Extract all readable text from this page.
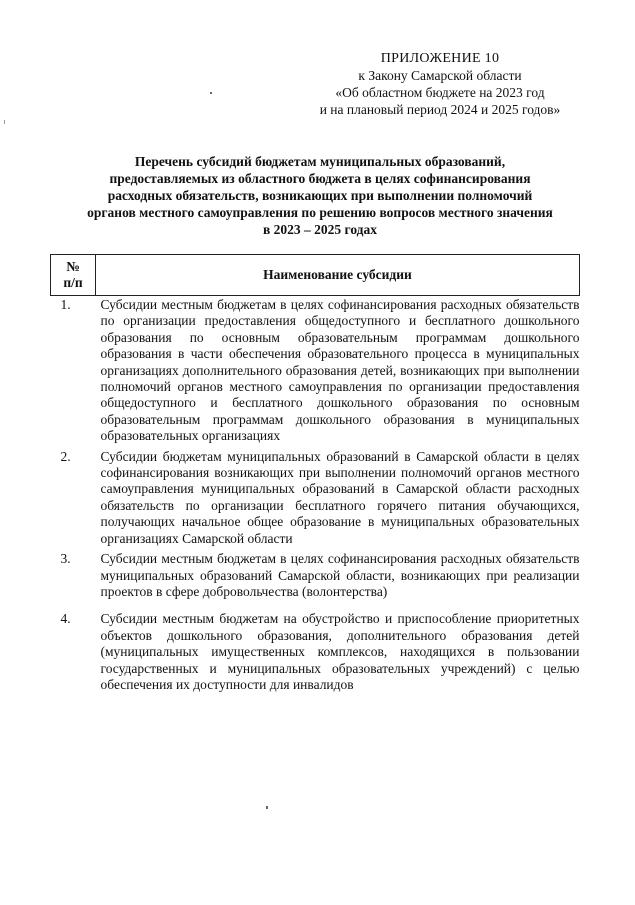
ПРИЛОЖЕНИЕ 10
к Закону Самарской области
«Об областном бюджете на 2023 год
и на плановый период 2024 и 2025 годов»
Перечень субсидий бюджетам муниципальных образований,
предоставляемых из областного бюджета в целях софинансирования
расходных обязательств, возникающих при выполнении полномочий
органов местного самоуправления по решению вопросов местного значения
в 2023 – 2025 годах
№
п/п	Наименование субсидии
1.	Субсидии местным бюджетам в целях софинансирования расходных обязательств по организации предоставления общедоступного и бесплатного дошкольного образования по основным образовательным программам дошкольного образования в части обеспечения образовательного процесса в муниципальных организациях дополнительного образования детей, возникающих при выполнении полномочий органов местного самоуправления по организации предоставления общедоступного и бесплатного дошкольного образования по основным образовательным программам дошкольного образования в муниципальных образовательных организациях
2.	Субсидии бюджетам муниципальных образований в Самарской области в целях софинансирования возникающих при выполнении полномочий органов местного самоуправления муниципальных образований в Самарской области расходных обязательств по организации бесплатного горячего питания обучающихся, получающих начальное общее образование в муниципальных образовательных организациях Самарской области
3.	Субсидии местным бюджетам в целях софинансирования расходных обязательств муниципальных образований Самарской области, возникающих при реализации проектов в сфере добровольчества (волонтерства)

4.	Субсидии местным бюджетам на обустройство и приспособление приоритетных объектов дошкольного образования, дополнительного образования детей (муниципальных имущественных комплексов, находящихся в пользовании государственных и муниципальных образовательных учреждений) с целью обеспечения их доступности для инвалидов
